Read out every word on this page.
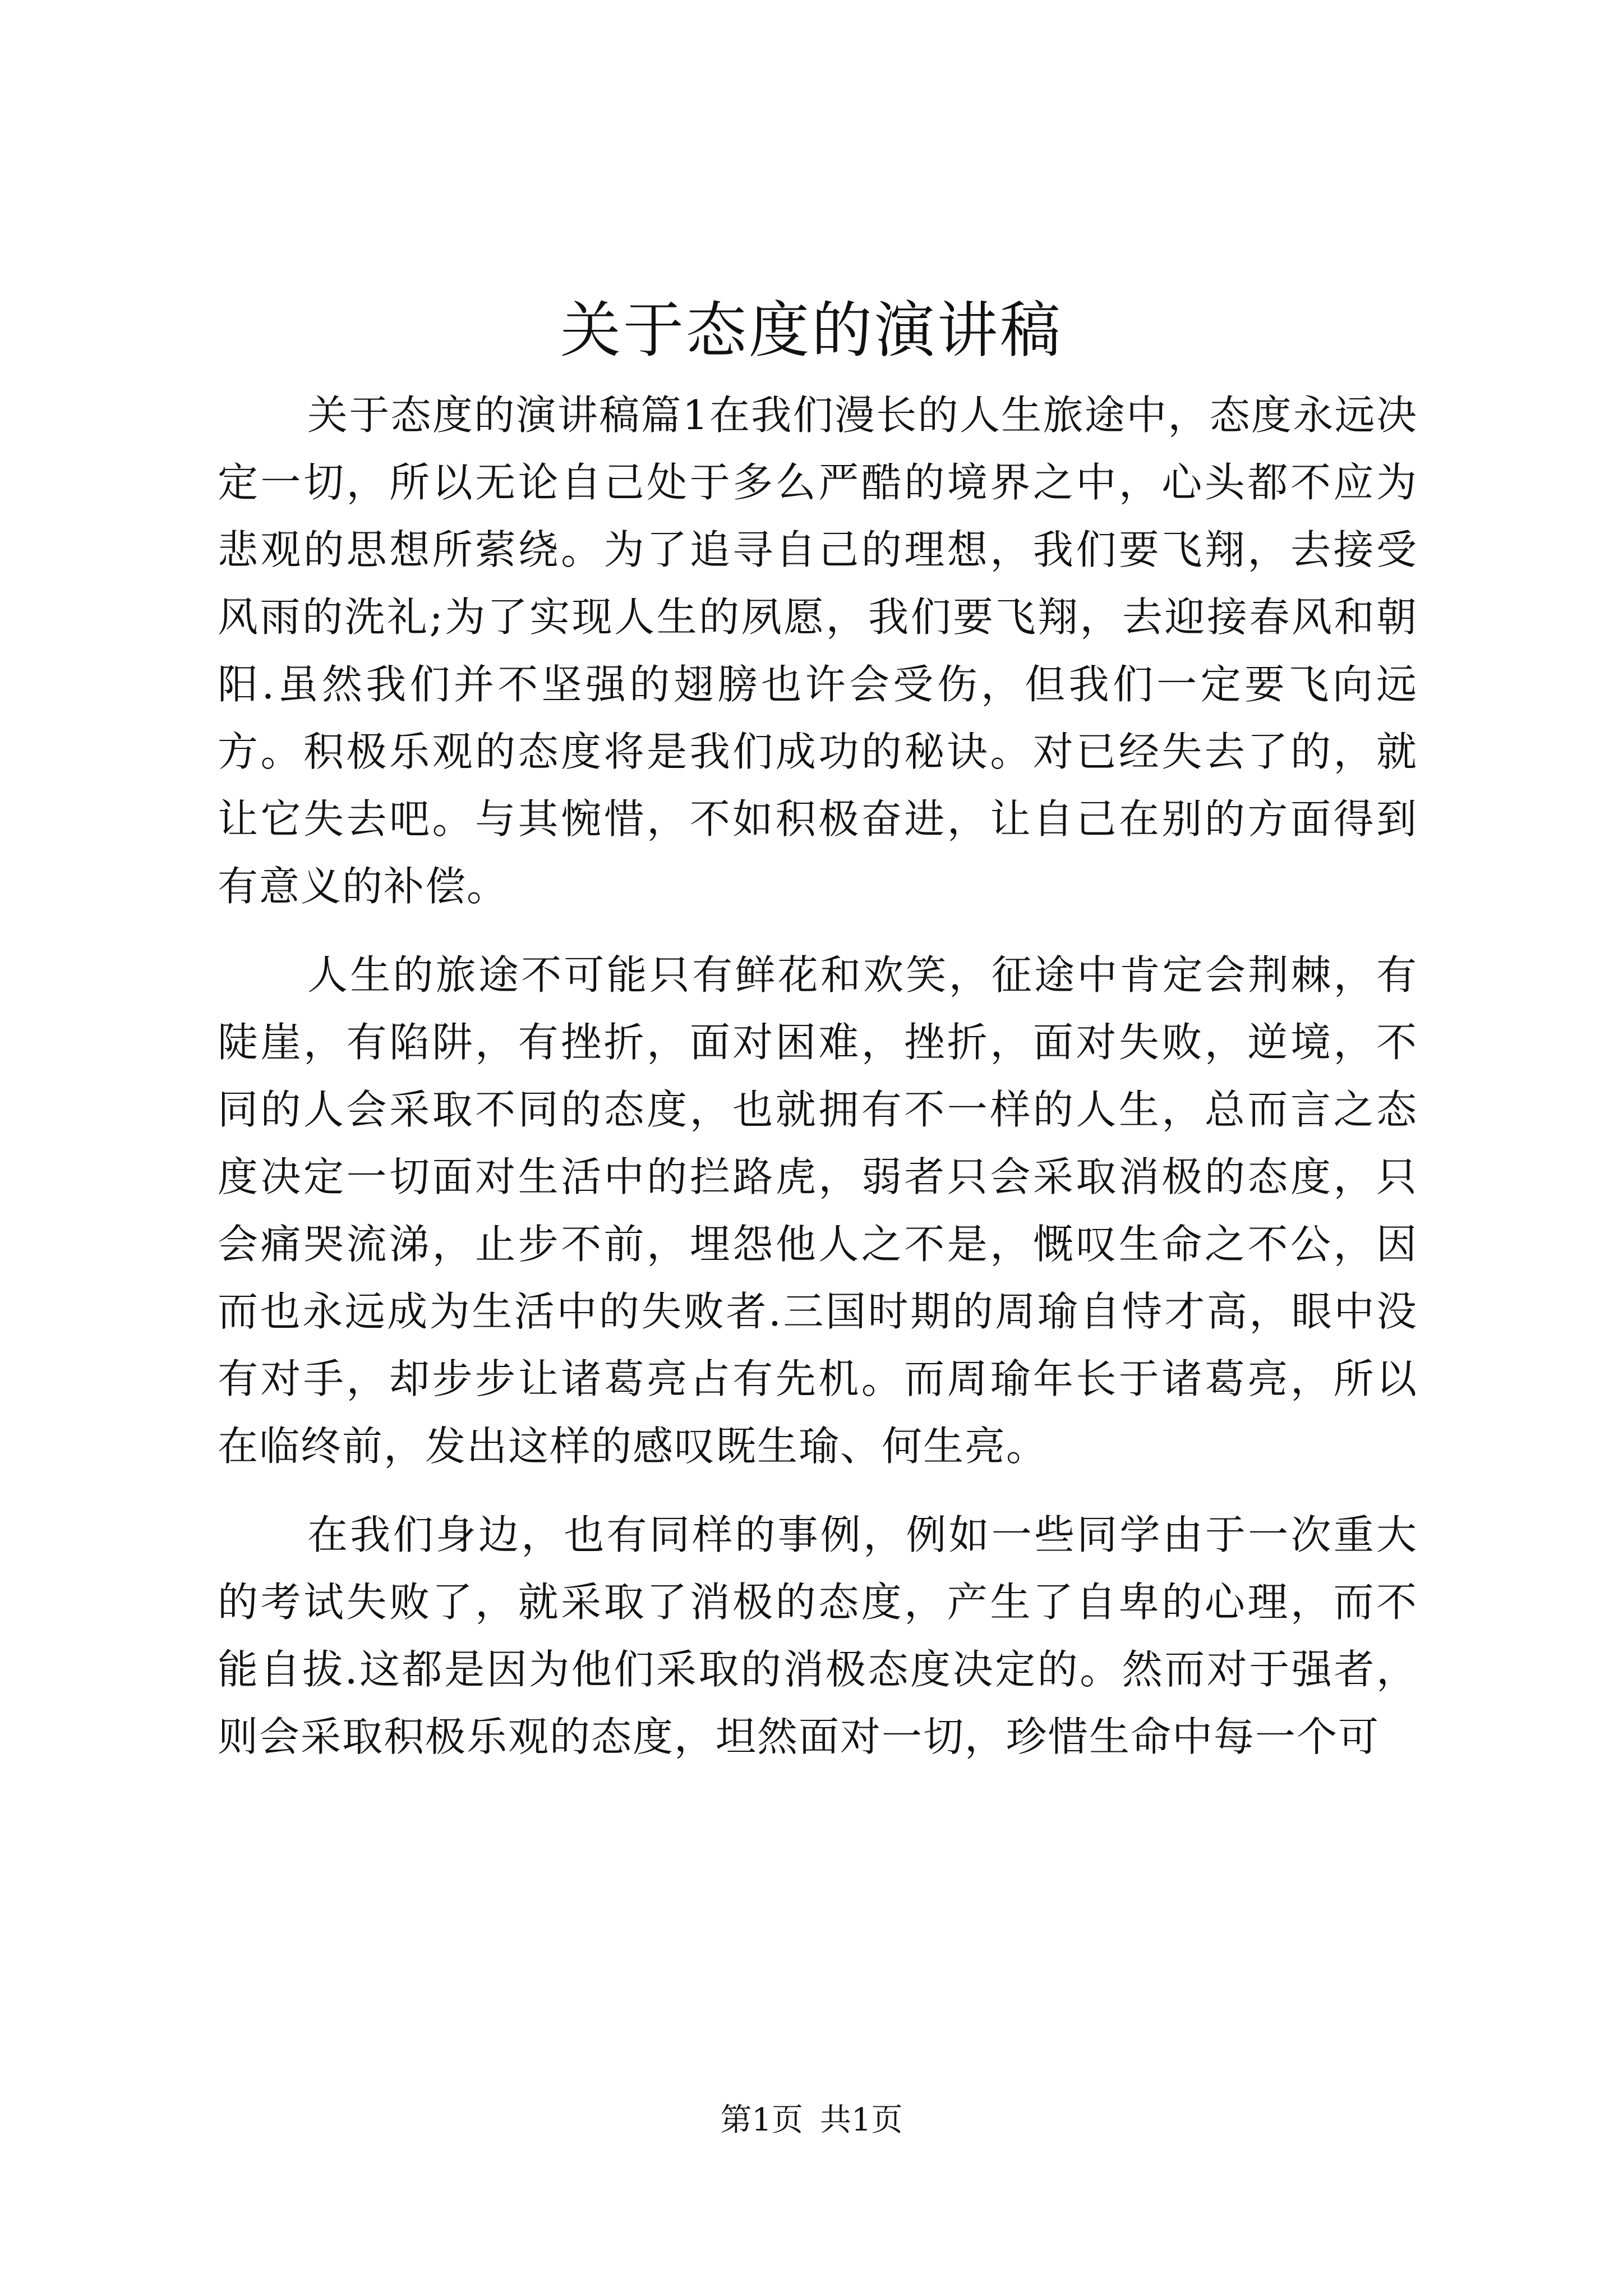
关于态度的演讲稿

关于态度的演讲稿篇1在我们漫长的人生旅途中，态度永远决定一切，所以无论自己处于多么严酷的境界之中，心头都不应为悲观的思想所萦绕。为了追寻自己的理想，我们要飞翔，去接受风雨的洗礼;为了实现人生的夙愿，我们要飞翔，去迎接春风和朝阳.虽然我们并不坚强的翅膀也许会受伤，但我们一定要飞向远方。积极乐观的态度将是我们成功的秘诀。对已经失去了的，就让它失去吧。与其惋惜，不如积极奋进，让自己在别的方面得到有意义的补偿。

人生的旅途不可能只有鲜花和欢笑，征途中肯定会荆棘，有陡崖，有陷阱，有挫折，面对困难，挫折，面对失败，逆境，不同的人会采取不同的态度，也就拥有不一样的人生，总而言之态度决定一切面对生活中的拦路虎，弱者只会采取消极的态度，只会痛哭流涕，止步不前，埋怨他人之不是，慨叹生命之不公，因而也永远成为生活中的失败者.三国时期的周瑜自恃才高，眼中没有对手，却步步让诸葛亮占有先机。而周瑜年长于诸葛亮，所以在临终前，发出这样的感叹既生瑜、何生亮。

在我们身边，也有同样的事例，例如一些同学由于一次重大的考试失败了，就采取了消极的态度，产生了自卑的心理，而不能自拔.这都是因为他们采取的消极态度决定的。然而对于强者，则会采取积极乐观的态度，坦然面对一切，珍惜生命中每一个可

第1页 共1页
